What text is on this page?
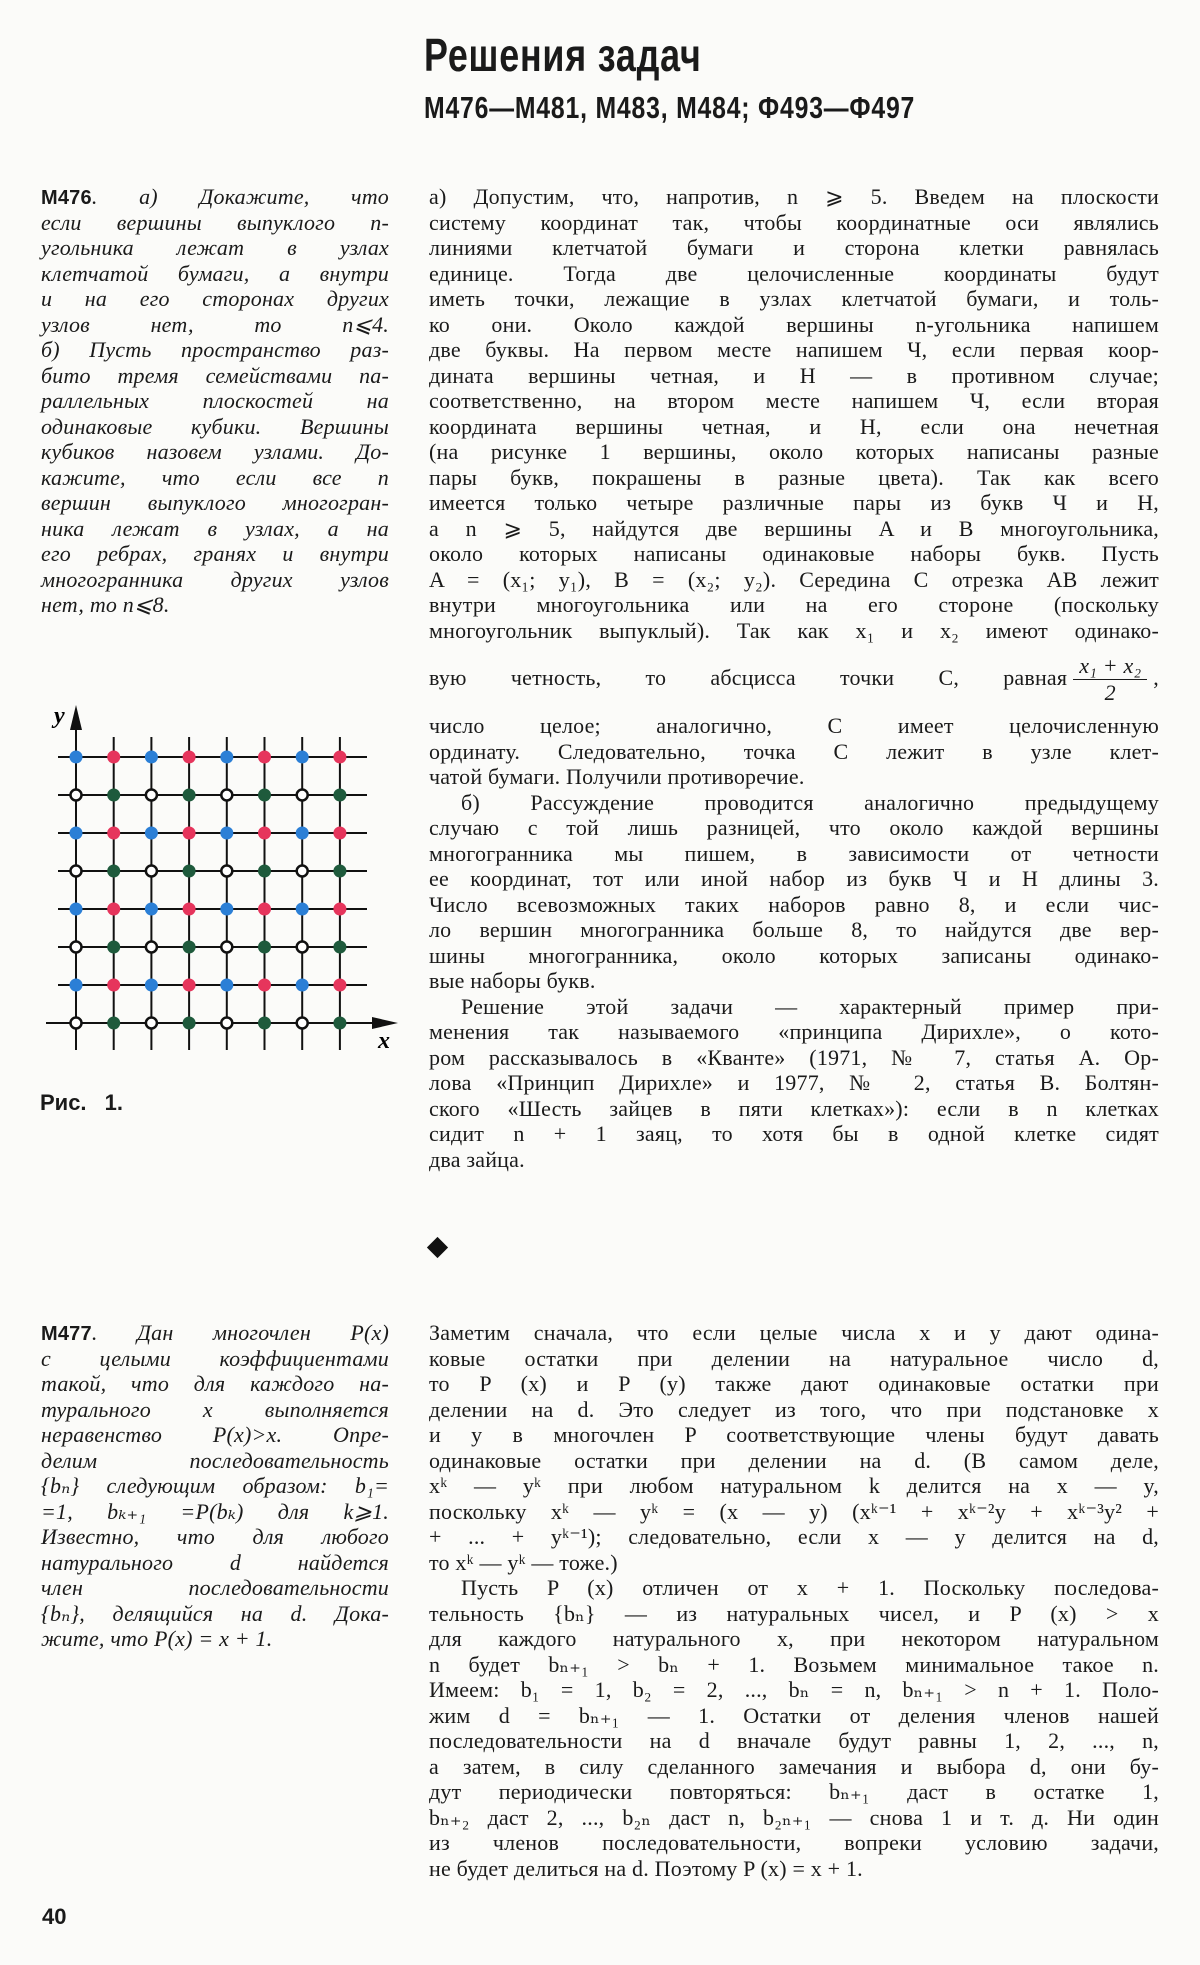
Решения задач
М476—М481, М483, М484; Ф493—Ф497
М476. а) Докажите, что
если вершины выпуклого n-
угольника лежат в узлах
клетчатой бумаги, а внутри
и на его сторонах других
узлов нет, то n⩽4.
б) Пусть пространство раз-
бито тремя семействами па-
раллельных плоскостей на
одинаковые кубики. Вершины
кубиков назовем узлами. До-
кажите, что если все n
вершин выпуклого многогран-
ника лежат в узлах, а на
его ребрах, гранях и внутри
многогранника других узлов
нет, то n⩽8.
а) Допустим, что, напротив, n ⩾ 5. Введем на плоскости
систему координат так, чтобы координатные оси являлись
линиями клетчатой бумаги и сторона клетки равнялась
единице. Тогда две целочисленные координаты будут
иметь точки, лежащие в узлах клетчатой бумаги, и толь-
ко они. Около каждой вершины n-угольника напишем
две буквы. На первом месте напишем Ч, если первая коор-
дината вершины четная, и Н — в противном случае;
соответственно, на втором месте напишем Ч, если вторая
координата вершины четная, и Н, если она нечетная
(на рисунке 1 вершины, около которых написаны разные
пары букв, покрашены в разные цвета). Так как всего
имеется только четыре различные пары из букв Ч и Н,
а n ⩾ 5, найдутся две вершины A и B многоугольника,
около которых написаны одинаковые наборы букв. Пусть
A = (x₁; y₁), B = (x₂; y₂). Середина C отрезка AB лежит
внутри многоугольника или на его стороне (поскольку
многоугольник выпуклый). Так как x₁ и x₂ имеют одинако-
вую четность, то абсцисса точки C, равная $\frac{\text{x₁ + x₂}}{2}$ ,
число целое; аналогично, C имеет целочисленную
ординату. Следовательно, точка C лежит в узле клет-
чатой бумаги. Получили противоречие.
б) Рассуждение проводится аналогично предыдущему
случаю с той лишь разницей, что около каждой вершины
многогранника мы пишем, в зависимости от четности
ее координат, тот или иной набор из букв Ч и Н длины 3.
Число всевозможных таких наборов равно 8, и если чис-
ло вершин многогранника больше 8, то найдутся две вер-
шины многогранника, около которых записаны одинако-
вые наборы букв.
Решение этой задачи — характерный пример при-
менения так называемого «принципа Дирихле», о кото-
ром рассказывалось в «Кванте» (1971, № 7, статья А. Ор-
лова «Принцип Дирихле» и 1977, № 2, статья В. Болтян-
ского «Шесть зайцев в пяти клетках»): если в n клетках
сидит n + 1 заяц, то хотя бы в одной клетке сидят
два зайца.
y
x
Рис. 1.
М477. Дан многочлен P(x)
с целыми коэффициентами
такой, что для каждого на-
турального x выполняется
неравенство P(x)>x. Опре-
делим последовательность
{bₙ} следующим образом: b₁=
=1, bₖ₊₁ =P(bₖ) для k⩾1.
Известно, что для любого
натурального d найдется
член последовательности
{bₙ}, делящийся на d. Дока-
жите, что P(x) = x + 1.
Заметим сначала, что если целые числа x и y дают одина-
ковые остатки при делении на натуральное число d,
то P (x) и P (y) также дают одинаковые остатки при
делении на d. Это следует из того, что при подстановке x
и y в многочлен P соответствующие члены будут давать
одинаковые остатки при делении на d. (В самом деле,
xᵏ — yᵏ при любом натуральном k делится на x — y,
поскольку xᵏ — yᵏ = (x — y) (xᵏ⁻¹ + xᵏ⁻²y + xᵏ⁻³y² +
+ ... + yᵏ⁻¹); следовательно, если x — y делится на d,
то xᵏ — yᵏ — тоже.)
Пусть P (x) отличен от x + 1. Поскольку последова-
тельность {bₙ} — из натуральных чисел, и P (x) > x
для каждого натурального x, при некотором натуральном
n будет bₙ₊₁ > bₙ + 1. Возьмем минимальное такое n.
Имеем: b₁ = 1, b₂ = 2, ..., bₙ = n, bₙ₊₁ > n + 1. Поло-
жим d = bₙ₊₁ — 1. Остатки от деления членов нашей
последовательности на d вначале будут равны 1, 2, ..., n,
а затем, в силу сделанного замечания и выбора d, они бу-
дут периодически повторяться: bₙ₊₁ даст в остатке 1,
bₙ₊₂ даст 2, ..., b₂ₙ даст n, b₂ₙ₊₁ — снова 1 и т. д. Ни один
из членов последовательности, вопреки условию задачи,
не будет делиться на d. Поэтому P (x) = x + 1.
40
